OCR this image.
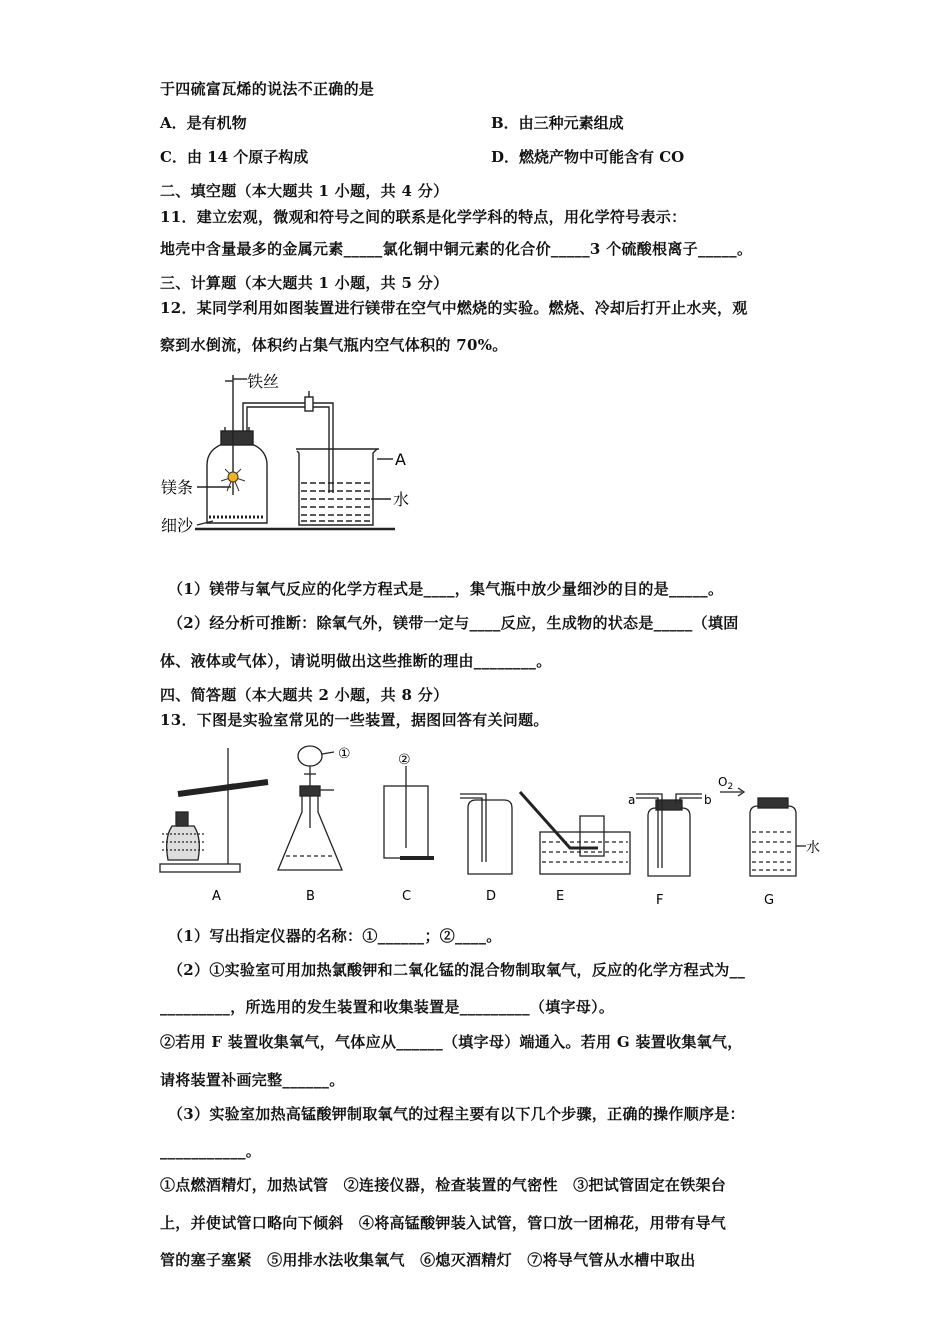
于四硫富瓦烯的说法不正确的是
A．是有机物	B．由三种元素组成
C．由 14 个原子构成	D．燃烧产物中可能含有 CO
二、填空题（本大题共 1 小题，共 4 分）
11．建立宏观，微观和符号之间的联系是化学学科的特点，用化学符号表示：
地壳中含量最多的金属元素_____氯化铜中铜元素的化合价_____3 个硫酸根离子_____。
三、计算题（本大题共 1 小题，共 5 分）
12．某同学利用如图装置进行镁带在空气中燃烧的实验。燃烧、冷却后打开止水夹，观
察到水倒流，体积约占集气瓶内空气体积的 70%。
铁丝
镁条
细沙
A
水
（1）镁带与氧气反应的化学方程式是____，集气瓶中放少量细沙的目的是_____。
（2）经分析可推断：除氧气外，镁带一定与____反应，生成物的状态是_____（填固
体、液体或气体），请说明做出这些推断的理由________。
四、简答题（本大题共 2 小题，共 8 分）
13．下图是实验室常见的一些装置，据图回答有关问题。
①	②
a	b
$O_2$
水
A	B	C	D	E	F	G
（1）写出指定仪器的名称：①______；②____。
（2）①实验室可用加热氯酸钾和二氧化锰的混合物制取氧气，反应的化学方程式为__
_________，所选用的发生装置和收集装置是_________（填字母）。
②若用 F 装置收集氧气，气体应从______（填字母）端通入。若用 G 装置收集氧气，
请将装置补画完整______。
（3）实验室加热高锰酸钾制取氧气的过程主要有以下几个步骤，正确的操作顺序是：
___________。
①点燃酒精灯，加热试管　②连接仪器，检查装置的气密性　③把试管固定在铁架台
上，并使试管口略向下倾斜　④将高锰酸钾装入试管，管口放一团棉花，用带有导气
管的塞子塞紧　⑤用排水法收集氧气　⑥熄灭酒精灯　⑦将导气管从水槽中取出
